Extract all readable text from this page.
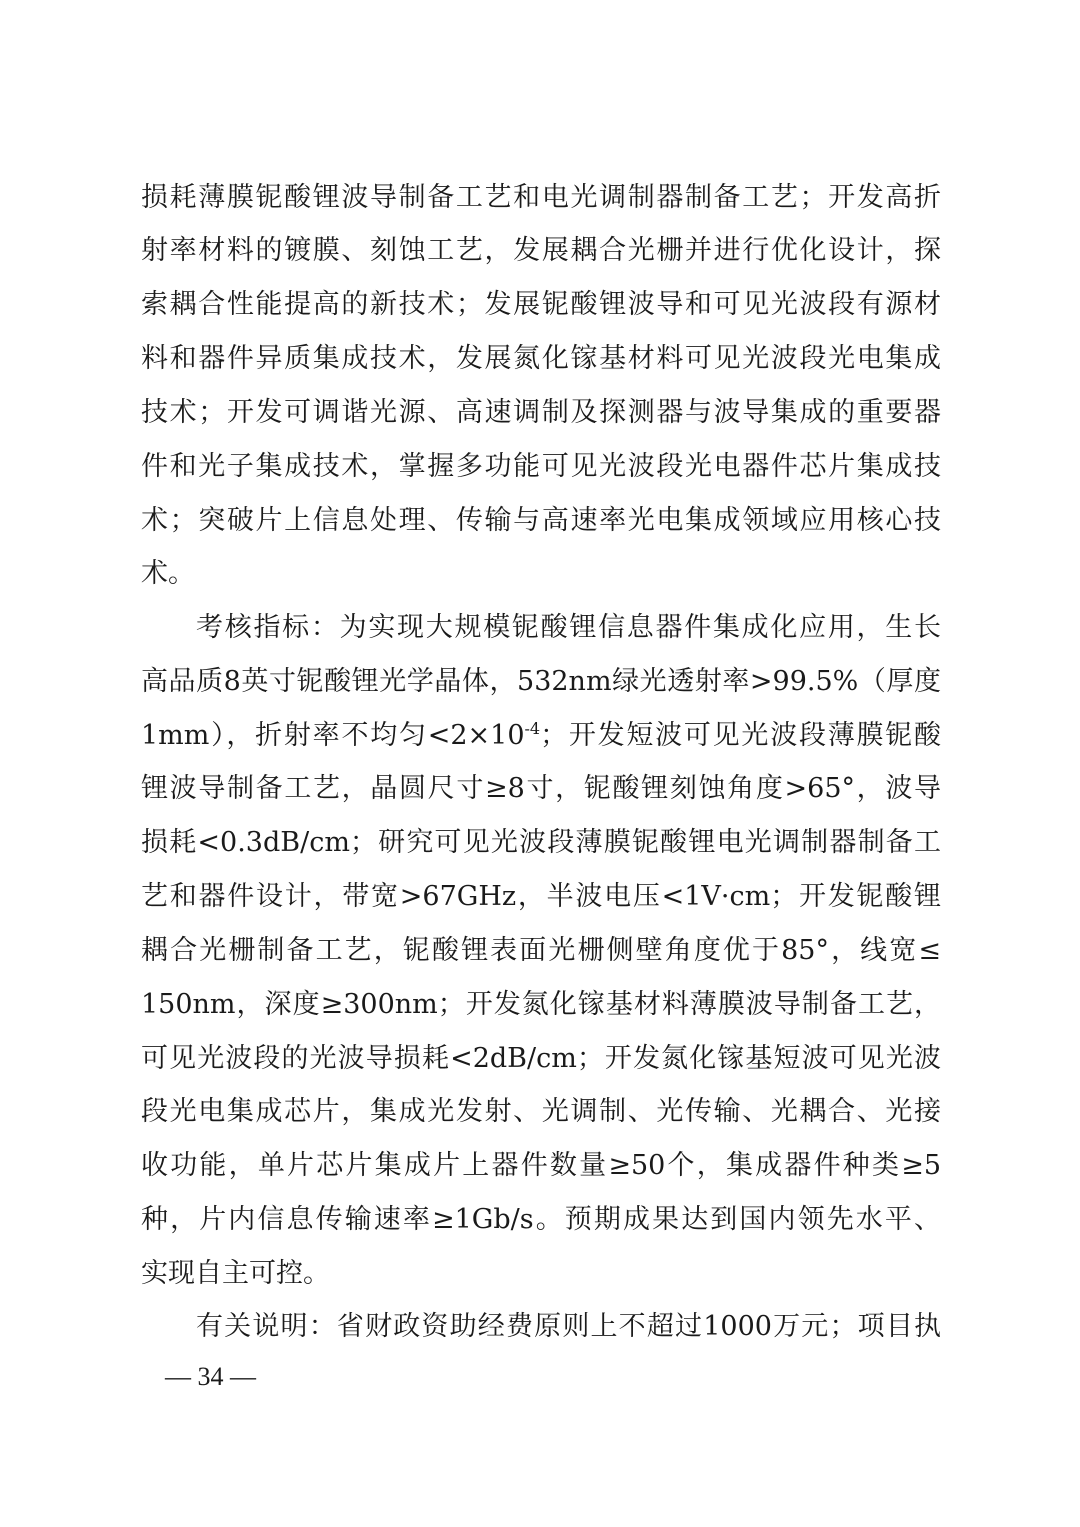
损耗薄膜铌酸锂波导制备工艺和电光调制器制备工艺；开发高折
射率材料的镀膜、刻蚀工艺，发展耦合光栅并进行优化设计，探
索耦合性能提高的新技术；发展铌酸锂波导和可见光波段有源材
料和器件异质集成技术，发展氮化镓基材料可见光波段光电集成
技术；开发可调谐光源、高速调制及探测器与波导集成的重要器
件和光子集成技术，掌握多功能可见光波段光电器件芯片集成技
术；突破片上信息处理、传输与高速率光电集成领域应用核心技
术。
考核指标：为实现大规模铌酸锂信息器件集成化应用，生长
高品质8英寸铌酸锂光学晶体，532nm绿光透射率>99.5%（厚度
1mm），折射率不均匀$<2\times 10^{-4}$；开发短波可见光波段薄膜铌酸
锂波导制备工艺，晶圆尺寸≥8寸，铌酸锂刻蚀角度>65°，波导
损耗<0.3dB/cm；研究可见光波段薄膜铌酸锂电光调制器制备工
艺和器件设计，带宽>67GHz，半波电压<1V·cm；开发铌酸锂
耦合光栅制备工艺，铌酸锂表面光栅侧壁角度优于85°，线宽≤
150nm，深度≥300nm；开发氮化镓基材料薄膜波导制备工艺，
可见光波段的光波导损耗<2dB/cm；开发氮化镓基短波可见光波
段光电集成芯片，集成光发射、光调制、光传输、光耦合、光接
收功能，单片芯片集成片上器件数量≥50个，集成器件种类≥5
种，片内信息传输速率≥1Gb/s。预期成果达到国内领先水平、
实现自主可控。
有关说明：省财政资助经费原则上不超过1000万元；项目执
— 34 —
